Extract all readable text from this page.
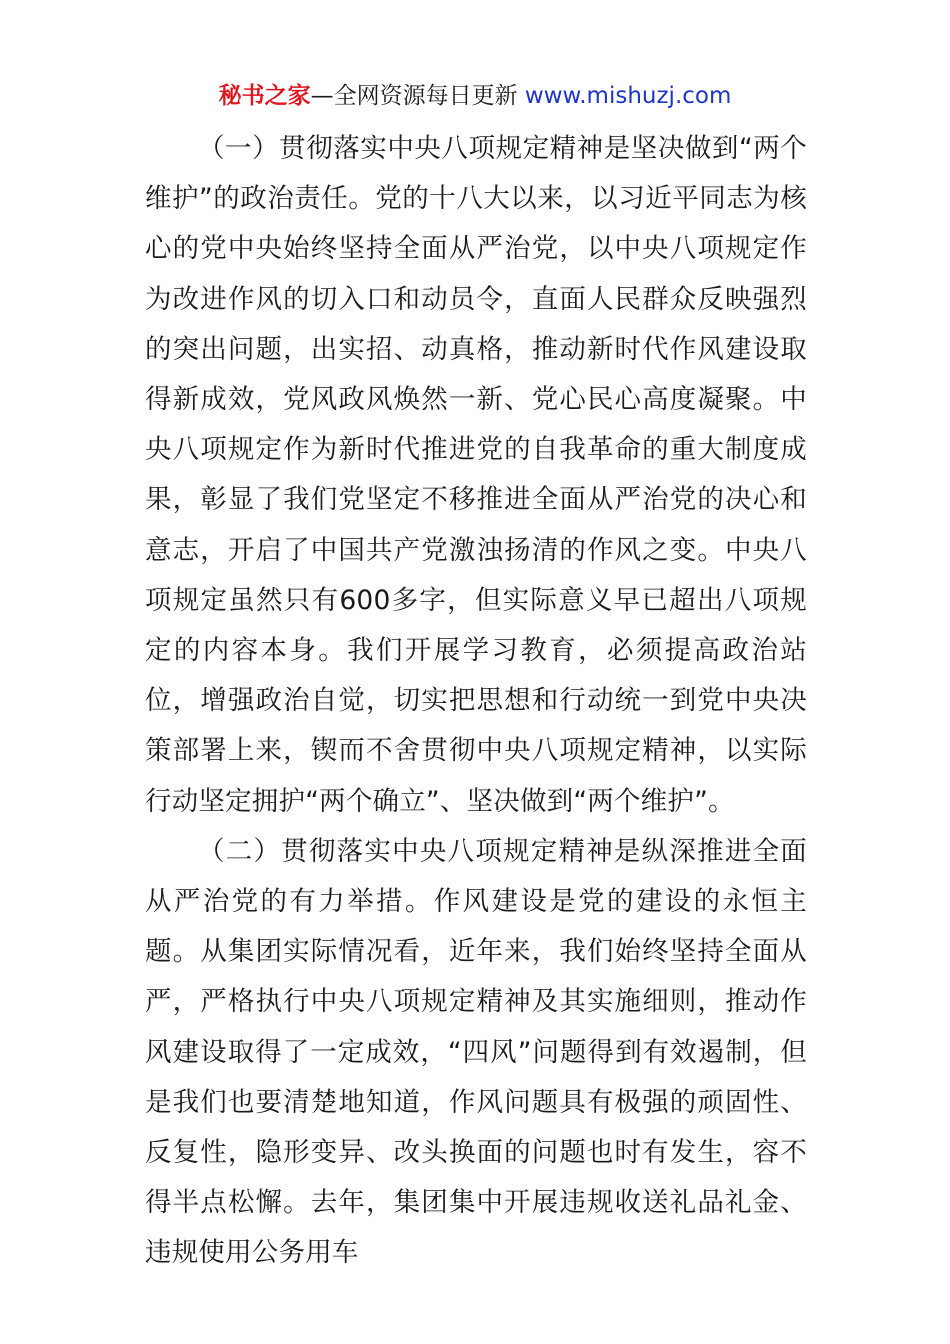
秘书之家—全网资源每日更新 www.mishuzj.com

（一）贯彻落实中央八项规定精神是坚决做到“两个维护”的政治责任。党的十八大以来，以习近平同志为核心的党中央始终坚持全面从严治党，以中央八项规定作为改进作风的切入口和动员令，直面人民群众反映强烈的突出问题，出实招、动真格，推动新时代作风建设取得新成效，党风政风焕然一新、党心民心高度凝聚。中央八项规定作为新时代推进党的自我革命的重大制度成果，彰显了我们党坚定不移推进全面从严治党的决心和意志，开启了中国共产党激浊扬清的作风之变。中央八项规定虽然只有600多字，但实际意义早已超出八项规定的内容本身。我们开展学习教育，必须提高政治站位，增强政治自觉，切实把思想和行动统一到党中央决策部署上来，锲而不舍贯彻中央八项规定精神，以实际行动坚定拥护“两个确立”、坚决做到“两个维护”。

（二）贯彻落实中央八项规定精神是纵深推进全面从严治党的有力举措。作风建设是党的建设的永恒主题。从集团实际情况看，近年来，我们始终坚持全面从严，严格执行中央八项规定精神及其实施细则，推动作风建设取得了一定成效，“四风”问题得到有效遏制，但是我们也要清楚地知道，作风问题具有极强的顽固性、反复性，隐形变异、改头换面的问题也时有发生，容不得半点松懈。去年，集团集中开展违规收送礼品礼金、违规使用公务用车
